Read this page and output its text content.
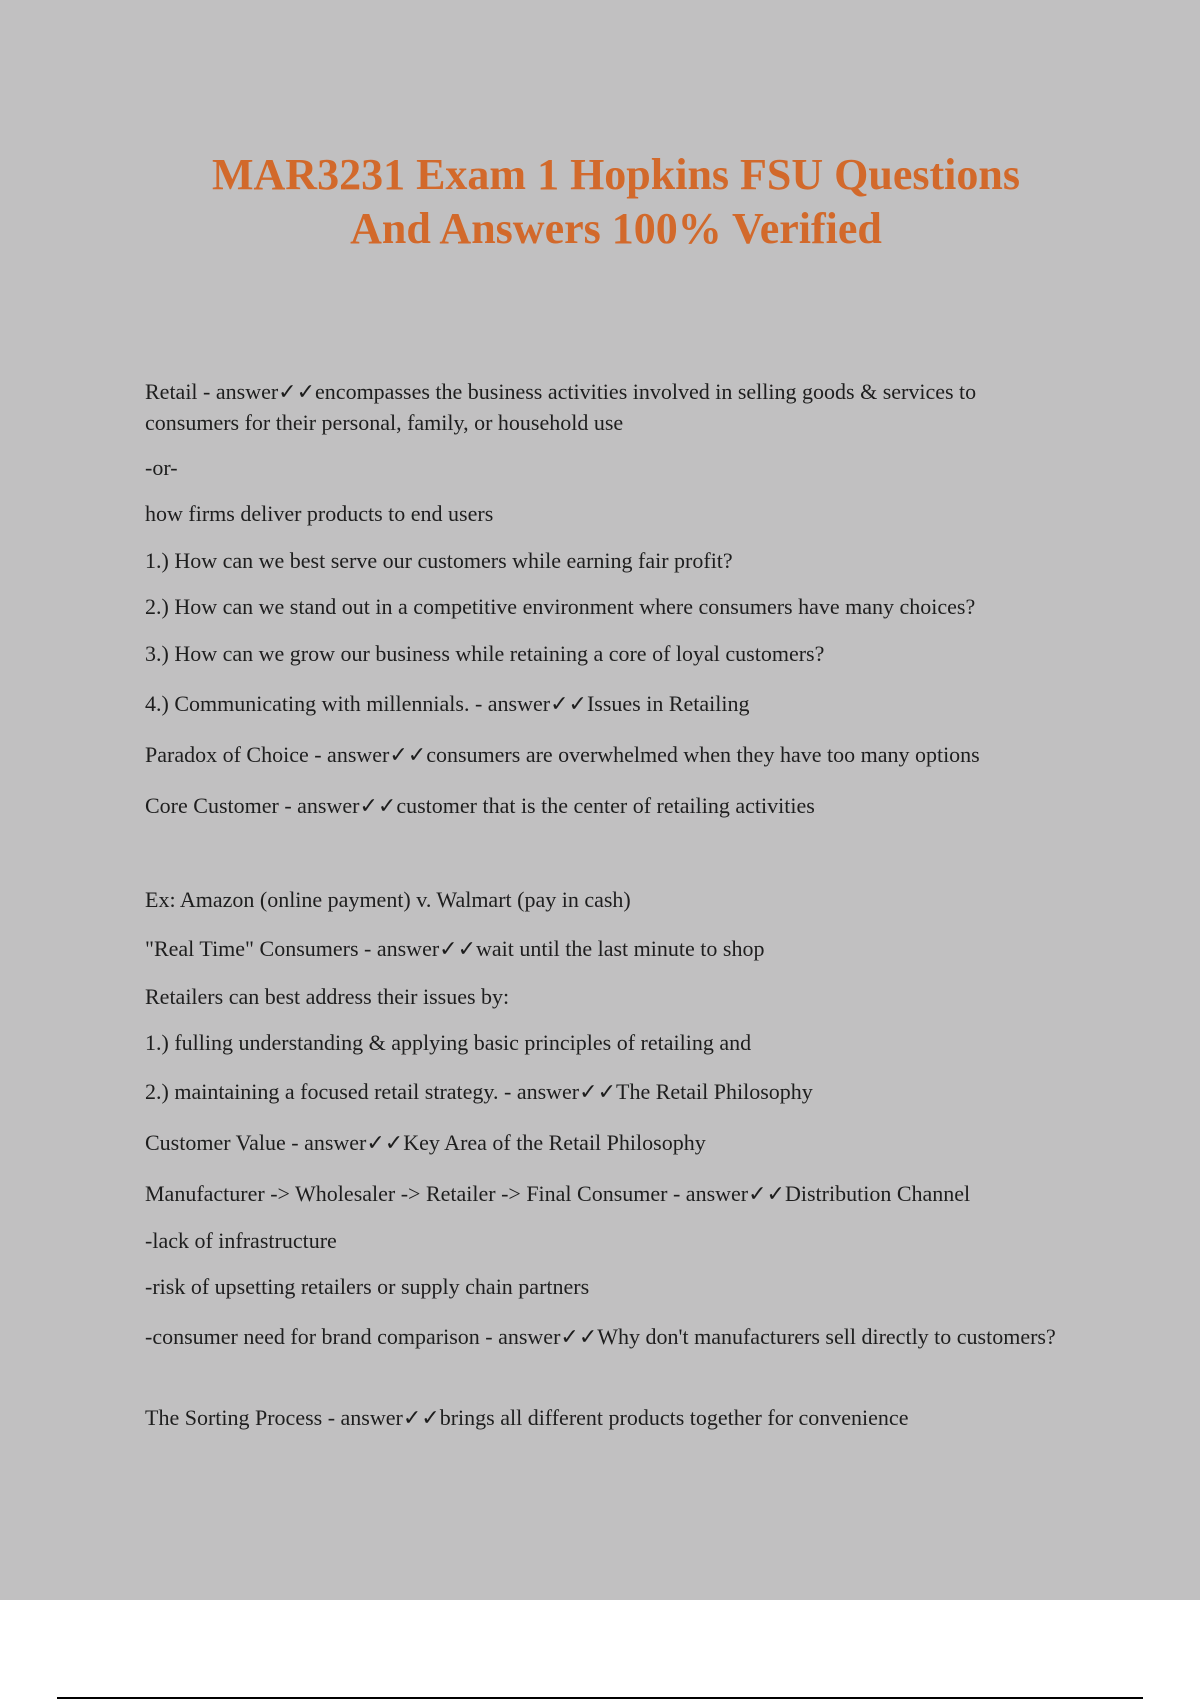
MAR3231 Exam 1 Hopkins FSU Questions
And Answers 100% Verified

Retail - answer✓✓encompasses the business activities involved in selling goods & services to consumers for their personal, family, or household use

-or-

how firms deliver products to end users

1.) How can we best serve our customers while earning fair profit?

2.) How can we stand out in a competitive environment where consumers have many choices?

3.) How can we grow our business while retaining a core of loyal customers?

4.) Communicating with millennials. - answer✓✓Issues in Retailing

Paradox of Choice - answer✓✓consumers are overwhelmed when they have too many options

Core Customer - answer✓✓customer that is the center of retailing activities

Ex: Amazon (online payment) v. Walmart (pay in cash)

"Real Time" Consumers - answer✓✓wait until the last minute to shop

Retailers can best address their issues by:

1.) fulling understanding & applying basic principles of retailing and

2.) maintaining a focused retail strategy. - answer✓✓The Retail Philosophy

Customer Value - answer✓✓Key Area of the Retail Philosophy

Manufacturer -> Wholesaler -> Retailer -> Final Consumer - answer✓✓Distribution Channel

-lack of infrastructure

-risk of upsetting retailers or supply chain partners

-consumer need for brand comparison - answer✓✓Why don't manufacturers sell directly to customers?

The Sorting Process - answer✓✓brings all different products together for convenience
